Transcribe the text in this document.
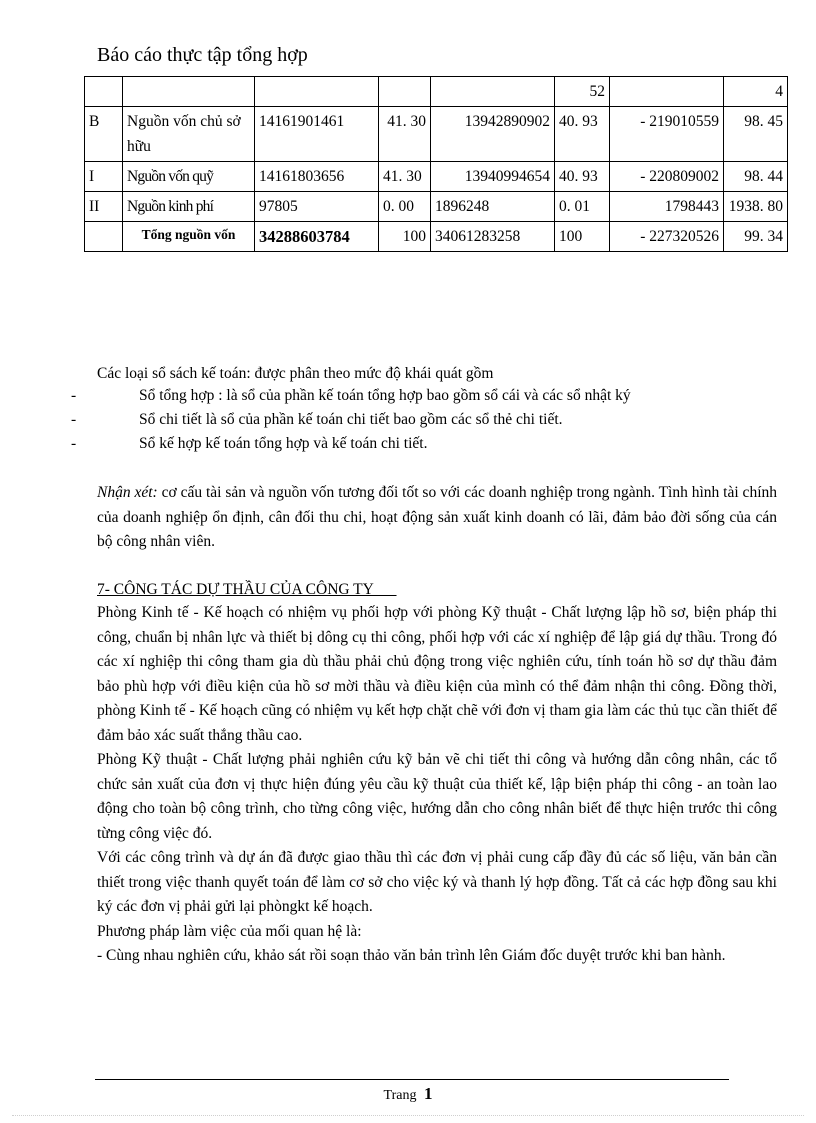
Báo cáo thực tập tổng hợp
					52		4
B	Nguồn vốn chủ sở hữu	14161901461	41. 30	13942890902	40. 93	- 219010559	98. 45
I	Nguồn vốn quỹ	14161803656	41. 30	13940994654	40. 93	- 220809002	98. 44
II	Nguồn kinh phí	97805	0. 00	1896248	0. 01	1798443	1938. 80
	Tổng nguồn vốn	34288603784	100	34061283258	100	- 227320526	99. 34
Các loại sổ sách kế toán: được phân theo mức độ khái quát gồm
-	Sổ tổng hợp : là sổ của phần kế toán tổng hợp bao gồm sổ cái và các sổ nhật ký
-	Sổ chi tiết là sổ của phần kế toán chi tiết bao gồm các sổ thẻ chi tiết.
-	Sổ kế hợp kế toán tổng hợp và kế toán chi tiết.
Nhận xét: cơ cấu tài sản và nguồn vốn tương đối tốt so với các doanh nghiệp trong ngành. Tình hình tài chính của doanh nghiệp ổn định, cân đối thu chi, hoạt động sản xuất kinh doanh có lãi, đảm bảo đời sống của cán bộ công nhân viên.
7- CÔNG TÁC DỰ THẦU CỦA CÔNG TY

Phòng Kinh tế - Kế hoạch có nhiệm vụ phối hợp với phòng Kỹ thuật - Chất lượng lập hồ sơ, biện pháp thi công, chuẩn bị nhân lực và thiết bị dông cụ thi công, phối hợp với các xí nghiệp để lập giá dự thầu. Trong đó các xí nghiệp thi công tham gia dù thầu phải chủ động trong việc nghiên cứu, tính toán hồ sơ dự thầu đảm bảo phù hợp với điều kiện của hồ sơ mời thầu và điều kiện của mình có thể đảm nhận thi công. Đồng thời, phòng Kinh tế - Kế hoạch cũng có nhiệm vụ kết hợp chặt chẽ với đơn vị tham gia làm các thủ tục cần thiết để đảm bảo xác suất thắng thầu cao.

Phòng Kỹ thuật - Chất lượng phải nghiên cứu kỹ bản vẽ chi tiết thi công và hướng dẫn công nhân, các tổ chức sản xuất của đơn vị thực hiện đúng yêu cầu kỹ thuật của thiết kế, lập biện pháp thi công - an toàn lao động cho toàn bộ công trình, cho từng công việc, hướng dẫn cho công nhân biết để thực hiện trước thi công từng công việc đó.

Với các công trình và dự án đã được giao thầu thì các đơn vị phải cung cấp đầy đủ các số liệu, văn bản cần thiết trong việc thanh quyết toán để làm cơ sở cho việc ký và thanh lý hợp đồng. Tất cả các hợp đồng sau khi ký các đơn vị phải gửi lại phòngkt kế hoạch.

Phương pháp làm việc của mối quan hệ là:

- Cùng nhau nghiên cứu, khảo sát rồi soạn thảo văn bản trình lên Giám đốc duyệt trước khi ban hành.

Trang 1
